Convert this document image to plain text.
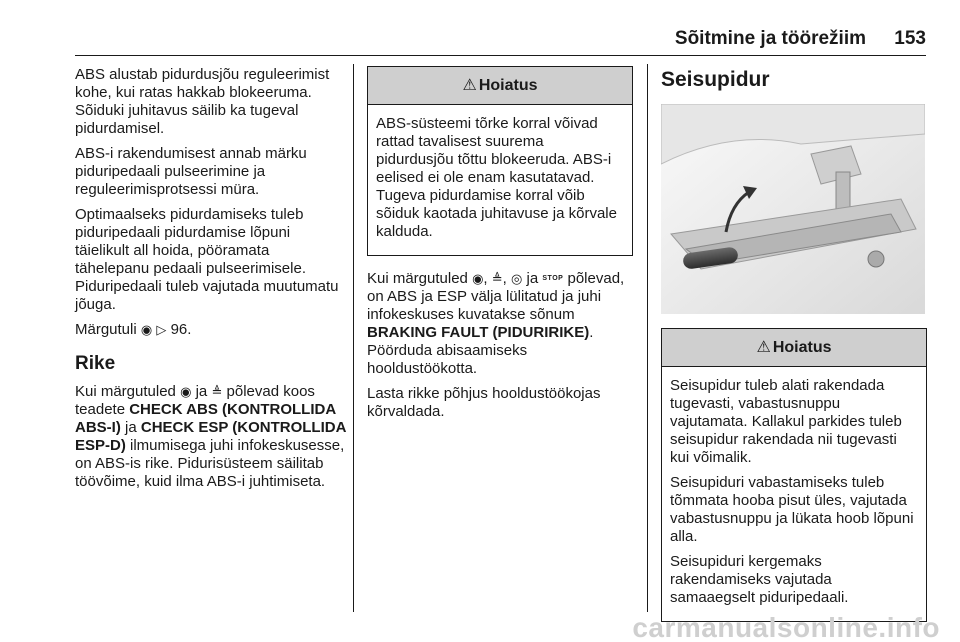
Sõitmine ja töörežiim 153

ABS alustab pidurdusjõu reguleerimist kohe, kui ratas hakkab blokeeruma. Sõiduki juhitavus säilib ka tugeval pidurdamisel.

ABS-i rakendumisest annab märku piduripedaali pulseerimine ja reguleerimisprotsessi müra.

Optimaalseks pidurdamiseks tuleb piduripedaali pidurdamise lõpuni täielikult all hoida, pööramata tähelepanu pedaali pulseerimisele. Piduripedaali tuleb vajutada muutumatu jõuga.

Märgutuli ◉ ▷ 96.

Rike

Kui märgutuled ◉ ja ≜ põlevad koos teadete CHECK ABS (KONTROLLIDA ABS-I) ja CHECK ESP (KONTROLLIDA ESP-D) ilmumisega juhi infokeskusesse, on ABS-is rike. Pidurisüsteem säilitab töövõime, kuid ilma ABS-i juhtimiseta.

⚠ Hoiatus

ABS-süsteemi tõrke korral võivad rattad tavalisest suurema pidurdusjõu tõttu blokeeruda. ABS-i eelised ei ole enam kasutatavad. Tugeva pidurdamise korral võib sõiduk kaotada juhitavuse ja kõrvale kalduda.

Kui märgutuled ◉, ≜, ◎ ja STOP põlevad, on ABS ja ESP välja lülitatud ja juhi infokeskuses kuvatakse sõnum BRAKING FAULT (PIDURIRIKE). Pöörduda abisaamiseks hooldustöökotta.

Lasta rikke põhjus hooldustöökojas kõrvaldada.

Seisupidur
⚠ Hoiatus

Seisupidur tuleb alati rakendada tugevasti, vabastusnuppu vajutamata. Kallakul parkides tuleb seisupidur rakendada nii tugevasti kui võimalik.

Seisupiduri vabastamiseks tuleb tõmmata hooba pisut üles, vajutada vabastusnuppu ja lükata hoob lõpuni alla.

Seisupiduri kergemaks rakendamiseks vajutada samaaegselt piduripedaali.

carmanualsonline.info
